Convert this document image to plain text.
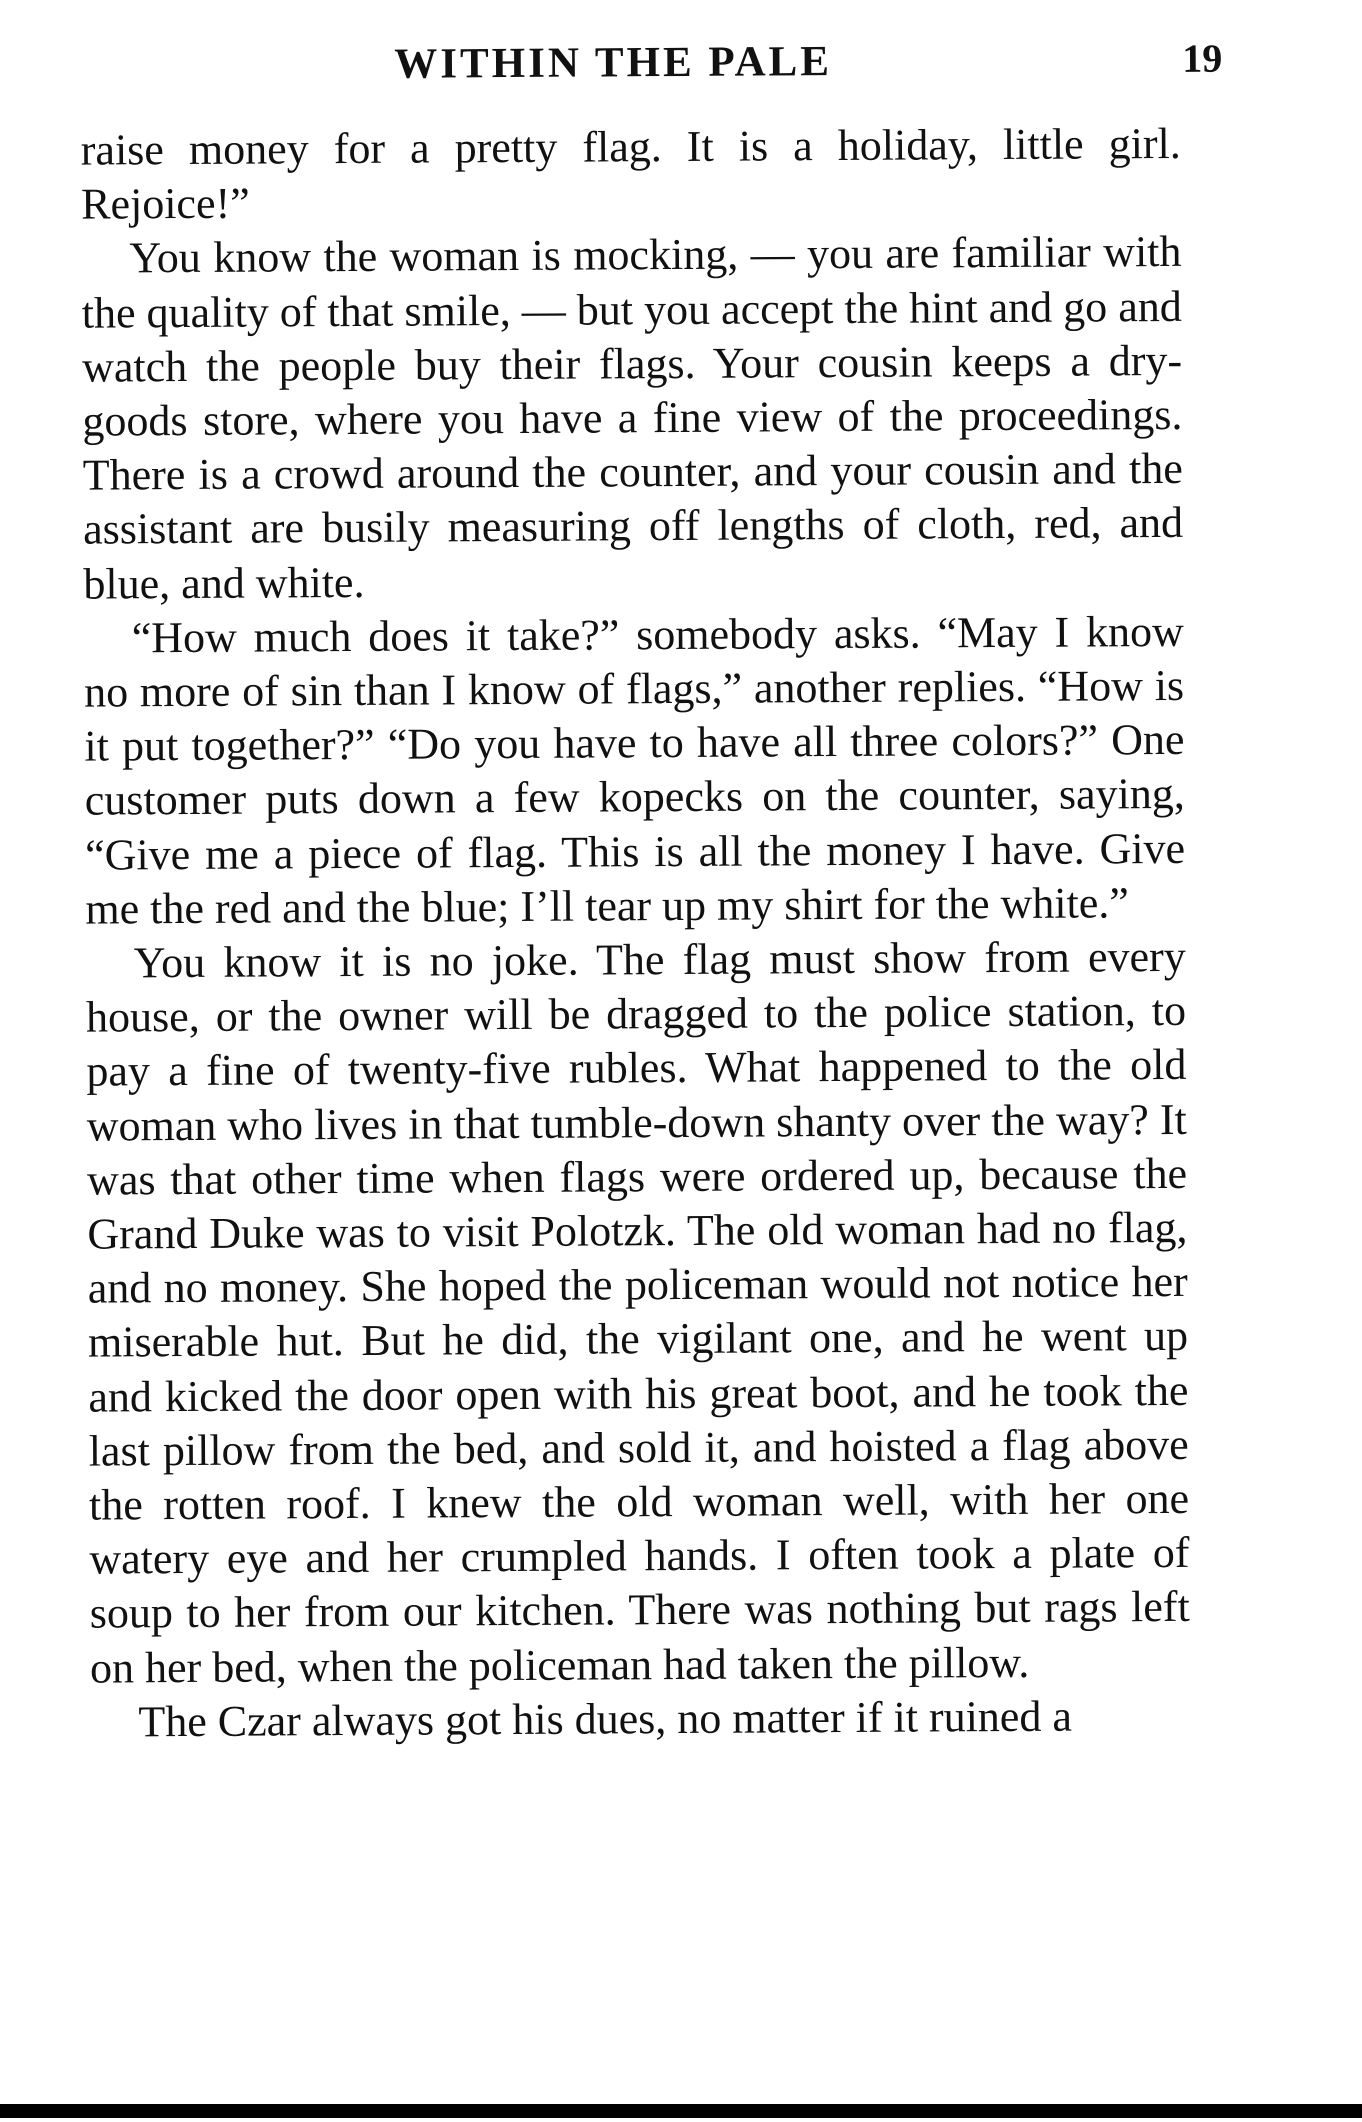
WITHIN THE PALE	19

raise money for a pretty flag. It is a holiday, little girl. Rejoice!”

You know the woman is mocking, — you are familiar with the quality of that smile, — but you accept the hint and go and watch the people buy their flags. Your cousin keeps a dry-goods store, where you have a fine view of the proceedings. There is a crowd around the counter, and your cousin and the assistant are busily measuring off lengths of cloth, red, and blue, and white.

“How much does it take?” somebody asks. “May I know no more of sin than I know of flags,” another replies. “How is it put together?” “Do you have to have all three colors?” One customer puts down a few kopecks on the counter, saying, “Give me a piece of flag. This is all the money I have. Give me the red and the blue; I’ll tear up my shirt for the white.”

You know it is no joke. The flag must show from every house, or the owner will be dragged to the police station, to pay a fine of twenty-five rubles. What happened to the old woman who lives in that tumble-down shanty over the way? It was that other time when flags were ordered up, because the Grand Duke was to visit Polotzk. The old woman had no flag, and no money. She hoped the policeman would not notice her miserable hut. But he did, the vigilant one, and he went up and kicked the door open with his great boot, and he took the last pillow from the bed, and sold it, and hoisted a flag above the rotten roof. I knew the old woman well, with her one watery eye and her crumpled hands. I often took a plate of soup to her from our kitchen. There was nothing but rags left on her bed, when the policeman had taken the pillow.

The Czar always got his dues, no matter if it ruined a
